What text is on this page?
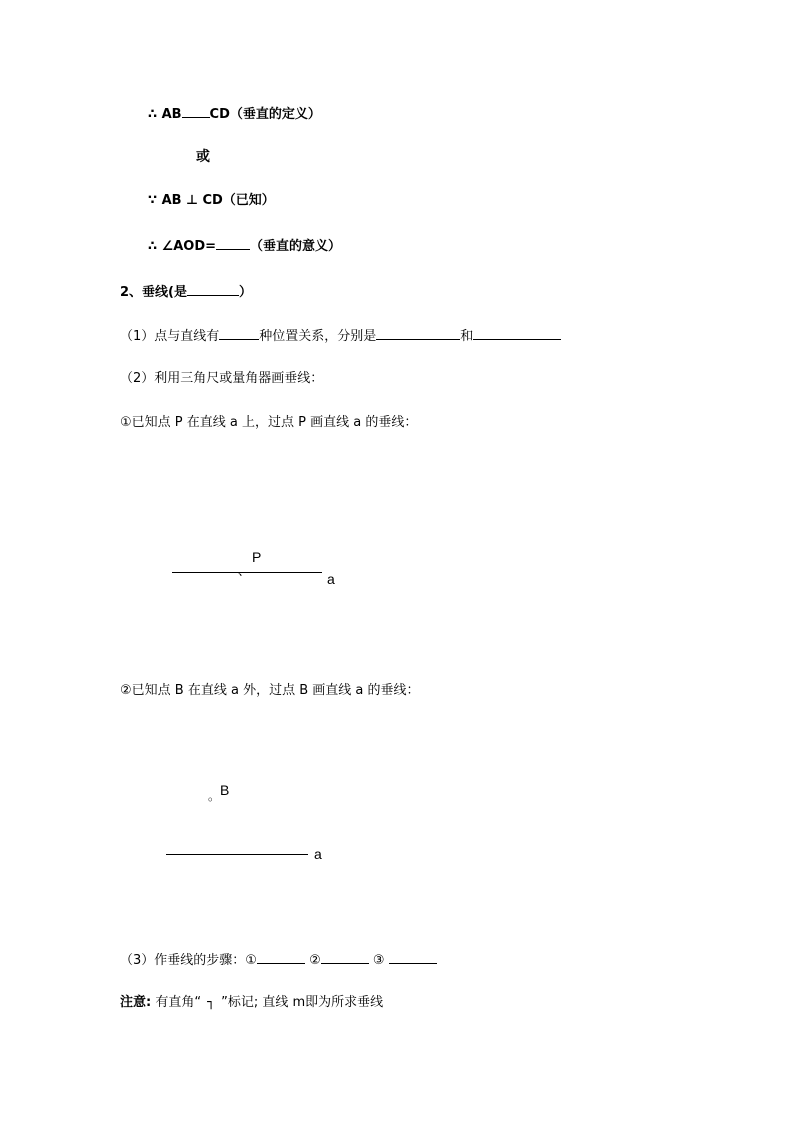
∴ AB CD（垂直的定义）
或
∵ AB ⊥ CD（已知）
∴ ∠AOD=	（垂直的意义）
2、垂线(是	）
（1）点与直线有	种位置关系，分别是	和
（2）利用三角尺或量角器画垂线：
①已知点 P 在直线 a 上，过点 P 画直线 a 的垂线：
P
、	a
②已知点 B 在直线 a 外，过点 B 画直线 a 的垂线：
。 B
a
（3）作垂线的步骤：①	②	③
注意: 有直角“ ┐ ”标记; 直线 m即为所求垂线
